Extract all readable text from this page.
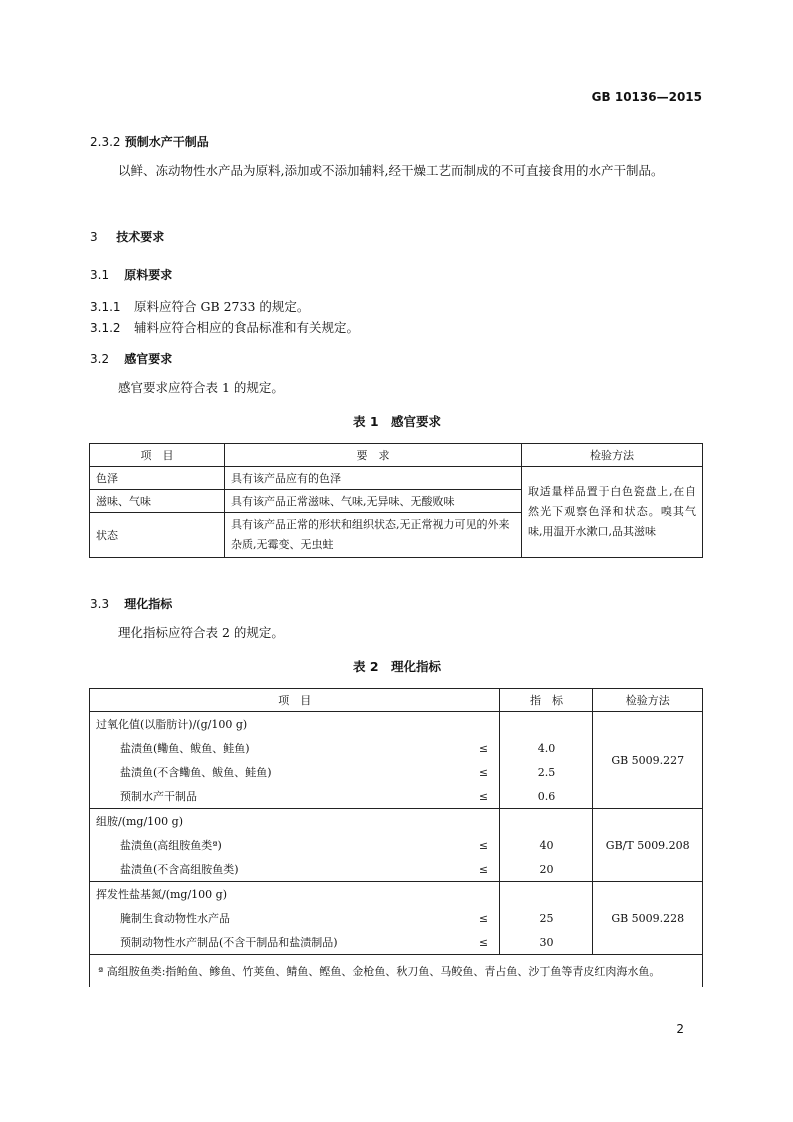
GB 10136—2015
2.3.2 预制水产干制品
以鲜、冻动物性水产品为原料,添加或不添加辅料,经干燥工艺而制成的不可直接食用的水产干制品。
3 技术要求
3.1 原料要求
3.1.1 原料应符合 GB 2733 的规定。
3.1.2 辅料应符合相应的食品标准和有关规定。
3.2 感官要求
感官要求应符合表 1 的规定。
表 1　感官要求
项　目	要　求	检验方法
色泽	具有该产品应有的色泽	取适量样品置于白色瓷盘上,在自然光下观察色泽和状态。嗅其气味,用温开水漱口,品其滋味
滋味、气味	具有该产品正常滋味、气味,无异味、无酸败味	
状态	具有该产品正常的形状和组织状态,无正常视力可见的外来杂质,无霉变、无虫蛀	
3.3 理化指标
理化指标应符合表 2 的规定。
表 2　理化指标
项　目		指　标	检验方法
过氧化值(以脂肪计)/(g/100 g)			GB 5009.227
盐渍鱼(鳓鱼、鲅鱼、鲑鱼)	≤	4.0	
盐渍鱼(不含鳓鱼、鲅鱼、鲑鱼)	≤	2.5	
预制水产干制品	≤	0.6	
组胺/(mg/100 g)			GB/T 5009.208
盐渍鱼(高组胺鱼类ª)	≤	40	
盐渍鱼(不含高组胺鱼类)	≤	20	
挥发性盐基氮/(mg/100 g)			GB 5009.228
腌制生食动物性水产品	≤	25	
预制动物性水产制品(不含干制品和盐渍制品)	≤	30	
ª 高组胺鱼类:指鲐鱼、鲹鱼、竹荚鱼、鲭鱼、鲣鱼、金枪鱼、秋刀鱼、马鲛鱼、青占鱼、沙丁鱼等青皮红肉海水鱼。			
2
